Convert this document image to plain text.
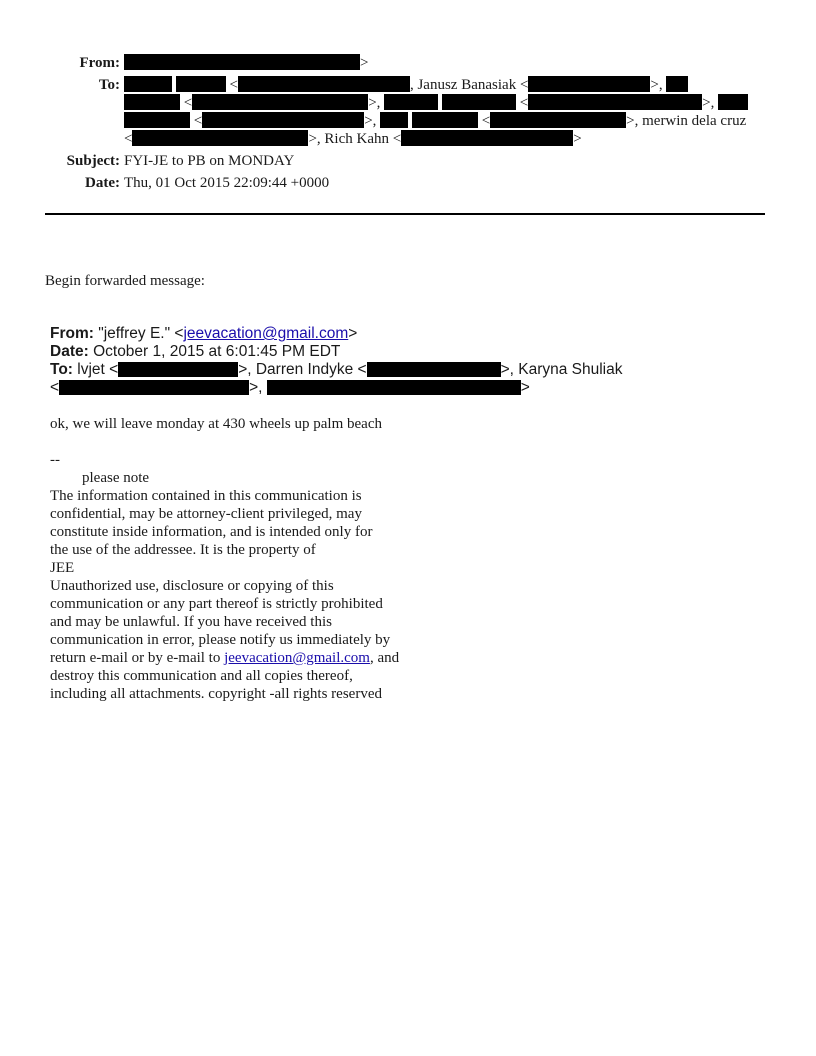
From:	>
To:	<	, Janusz Banasiak <	>,
<	>,	<	>,
<	>,	<	>, merwin dela cruz
<	>, Rich Kahn <	>
Subject: FYI-JE to PB on MONDAY
Date: Thu, 01 Oct 2015 22:09:44 +0000
Begin forwarded message:
From: "jeffrey E." <jeevacation@gmail.com>
Date: October 1, 2015 at 6:01:45 PM EDT
To: lvjet <	>, Darren Indyke <	>, Karyna Shuliak
<	>,	>
ok, we will leave monday at 430 wheels up palm beach
--
please note
The information contained in this communication is
confidential, may be attorney-client privileged, may
constitute inside information, and is intended only for
the use of the addressee. It is the property of
JEE
Unauthorized use, disclosure or copying of this
communication or any part thereof is strictly prohibited
and may be unlawful. If you have received this
communication in error, please notify us immediately by
return e-mail or by e-mail to jeevacation@gmail.com, and
destroy this communication and all copies thereof,
including all attachments. copyright -all rights reserved
